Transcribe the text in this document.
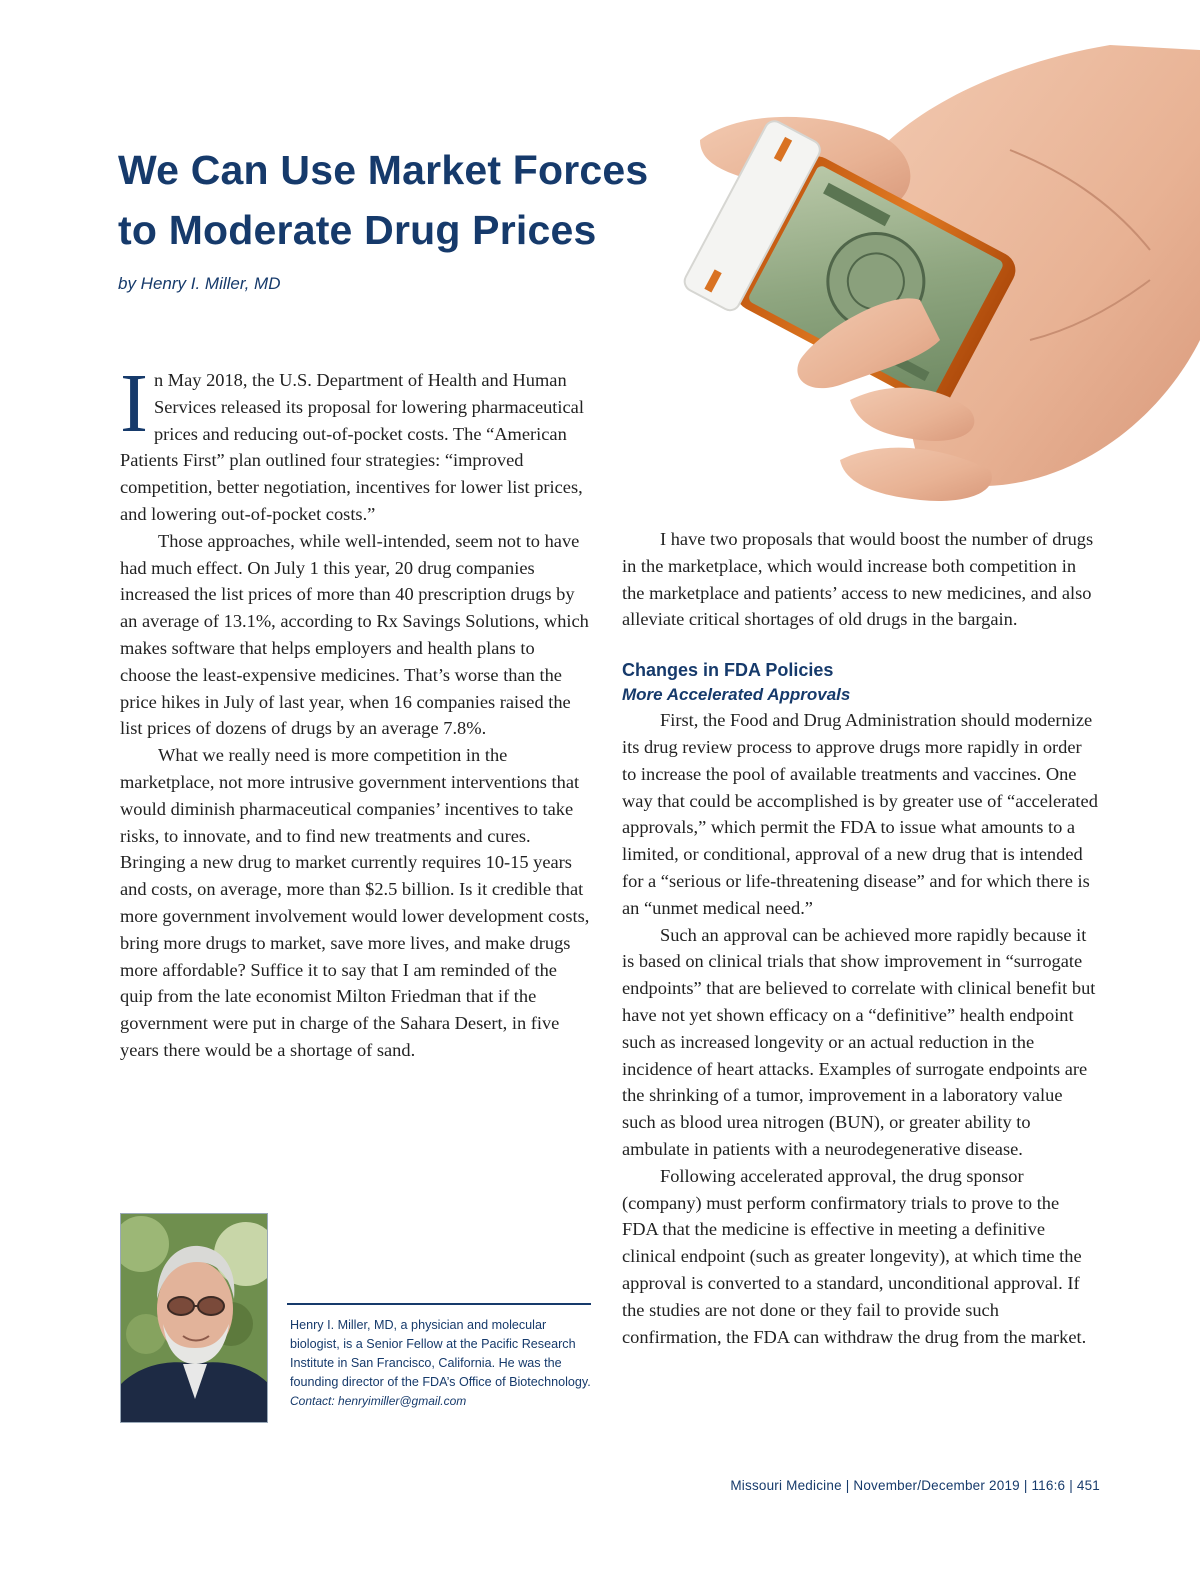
We Can Use Market Forces
to Moderate Drug Prices
by Henry I. Miller, MD

In May 2018, the U.S. Department of Health and Human Services released its proposal for lowering pharmaceutical prices and reducing out-of-pocket costs. The “American Patients First” plan outlined four strategies: “improved competition, better negotiation, incentives for lower list prices, and lowering out-of-pocket costs.”

Those approaches, while well-intended, seem not to have had much effect. On July 1 this year, 20 drug companies increased the list prices of more than 40 prescription drugs by an average of 13.1%, according to Rx Savings Solutions, which makes software that helps employers and health plans to choose the least-expensive medicines. That’s worse than the price hikes in July of last year, when 16 companies raised the list prices of dozens of drugs by an average 7.8%.

What we really need is more competition in the marketplace, not more intrusive government interventions that would diminish pharmaceutical companies’ incentives to take risks, to innovate, and to find new treatments and cures. Bringing a new drug to market currently requires 10-15 years and costs, on average, more than $2.5 billion. Is it credible that more government involvement would lower development costs, bring more drugs to market, save more lives, and make drugs more affordable? Suffice it to say that I am reminded of the quip from the late economist Milton Friedman that if the government were put in charge of the Sahara Desert, in five years there would be a shortage of sand.

I have two proposals that would boost the number of drugs in the marketplace, which would increase both competition in the marketplace and patients’ access to new medicines, and also alleviate critical shortages of old drugs in the bargain.

Changes in FDA Policies
More Accelerated Approvals

First, the Food and Drug Administration should modernize its drug review process to approve drugs more rapidly in order to increase the pool of available treatments and vaccines. One way that could be accomplished is by greater use of “accelerated approvals,” which permit the FDA to issue what amounts to a limited, or conditional, approval of a new drug that is intended for a “serious or life-threatening disease” and for which there is an “unmet medical need.”

Such an approval can be achieved more rapidly because it is based on clinical trials that show improvement in “surrogate endpoints” that are believed to correlate with clinical benefit but have not yet shown efficacy on a “definitive” health endpoint such as increased longevity or an actual reduction in the incidence of heart attacks. Examples of surrogate endpoints are the shrinking of a tumor, improvement in a laboratory value such as blood urea nitrogen (BUN), or greater ability to ambulate in patients with a neurodegenerative disease.

Following accelerated approval, the drug sponsor (company) must perform confirmatory trials to prove to the FDA that the medicine is effective in meeting a definitive clinical endpoint (such as greater longevity), at which time the approval is converted to a standard, unconditional approval. If the studies are not done or they fail to provide such confirmation, the FDA can withdraw the drug from the market.

Henry I. Miller, MD, a physician and molecular biologist, is a Senior Fellow at the Pacific Research Institute in San Francisco, California. He was the founding director of the FDA’s Office of Biotechnology.

Contact: henryimiller@gmail.com

Missouri Medicine | November/December 2019 | 116:6 | 451
